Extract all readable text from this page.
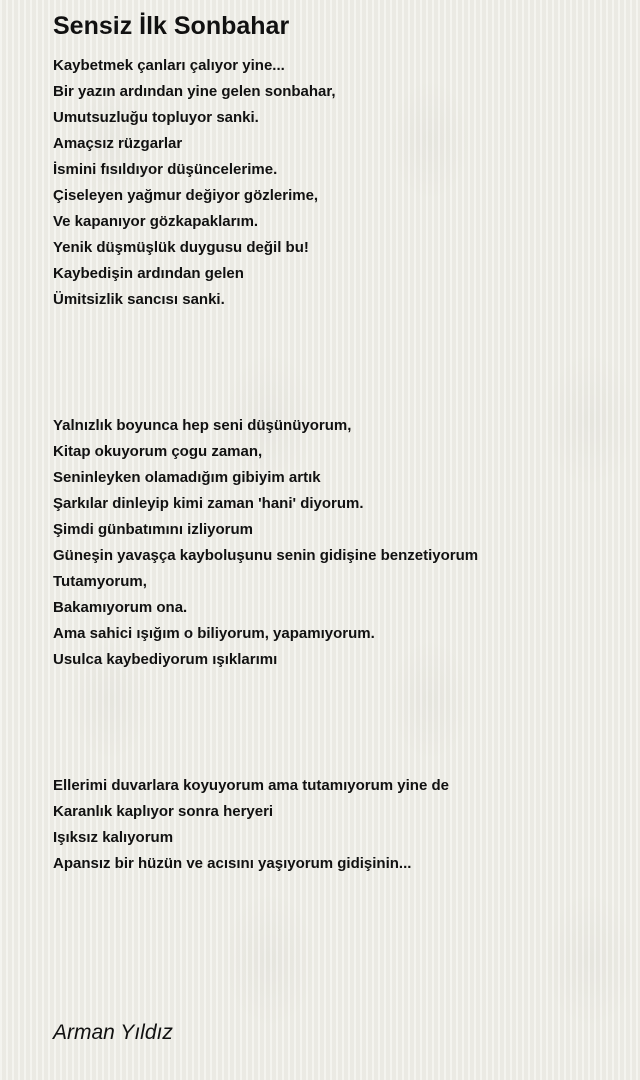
Sensiz İlk Sonbahar
Kaybetmek çanları çalıyor yine...
Bir yazın ardından yine gelen sonbahar,
Umutsuzluğu topluyor sanki.
Amaçsız rüzgarlar
İsmini fısıldıyor düşüncelerime.
Çiseleyen yağmur değiyor gözlerime,
Ve kapanıyor gözkapaklarım.
Yenik düşmüşlük duygusu değil bu!
Kaybedişin ardından gelen
Ümitsizlik sancısı sanki.
Yalnızlık boyunca hep seni düşünüyorum,
Kitap okuyorum çogu zaman,
Seninleyken olamadığım gibiyim artık
Şarkılar dinleyip kimi zaman 'hani' diyorum.
Şimdi günbatımını izliyorum
Güneşin yavaşça kayboluşunu senin gidişine benzetiyorum
Tutamyorum,
Bakamıyorum ona.
Ama sahici ışığım o biliyorum, yapamıyorum.
Usulca kaybediyorum ışıklarımı
Ellerimi duvarlara koyuyorum ama tutamıyorum yine de
Karanlık kaplıyor sonra heryeri
Işıksız kalıyorum
Apansız bir hüzün ve acısını yaşıyorum gidişinin...
Arman Yıldız
